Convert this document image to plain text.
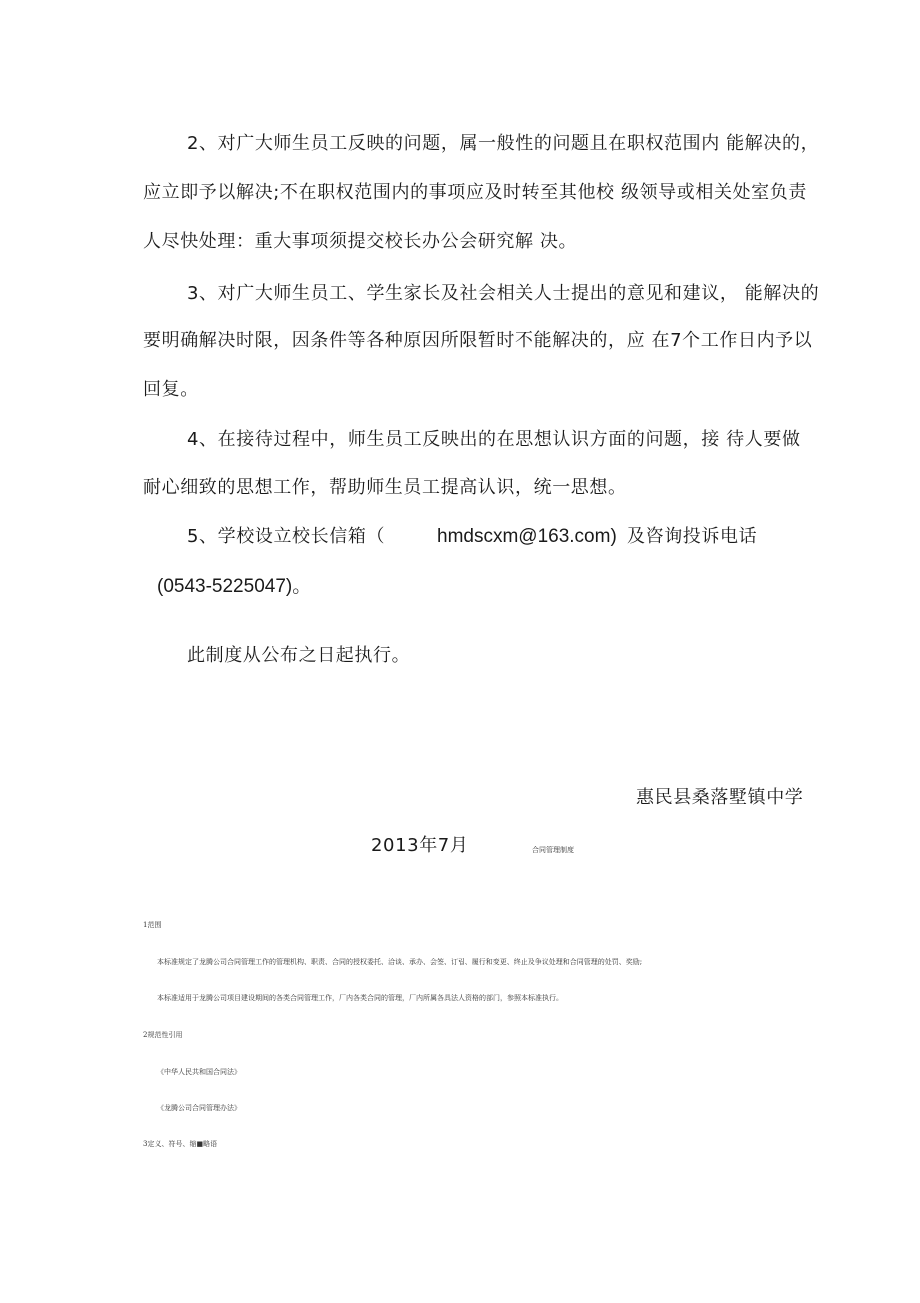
2、对广大师生员工反映的问题，属一般性的问题且在职权范围内 能解决的，
应立即予以解决;不在职权范围内的事项应及时转至其他校 级领导或相关处室负责
人尽快处理：重大事项须提交校长办公会研究解 决。
3、对广大师生员工、学生家长及社会相关人士提出的意见和建议， 能解决的
要明确解决时限，因条件等各种原因所限暂时不能解决的，应 在7个工作日内予以
回复。
4、在接待过程中，师生员工反映出的在思想认识方面的问题，接 待人要做
耐心细致的思想工作，帮助师生员工提高认识，统一思想。
5、学校设立校长信箱（	hmdscxm@163.com) 及咨询投诉电话
(0543-5225047)。
此制度从公布之日起执行。
惠民县桑落墅镇中学
2013年7月	合同管理制度
1范围
本标准规定了龙腾公司合同管理工作的管理机构、职责、合同的授权委托、洽谈、承办、会签、订립、履行和变更、终止及争议处理和合同管理的处罚、奖励;
本标准适用于龙腾公司项目建设期间的各类合同管理工作，厂内各类合同的管理，厂内所属各具法人资格的部门，参照本标准执行。
2规范性引用
《中华人民共和国合同法》
《龙腾公司合同管理办法》
3定义、符号、缩■略语
